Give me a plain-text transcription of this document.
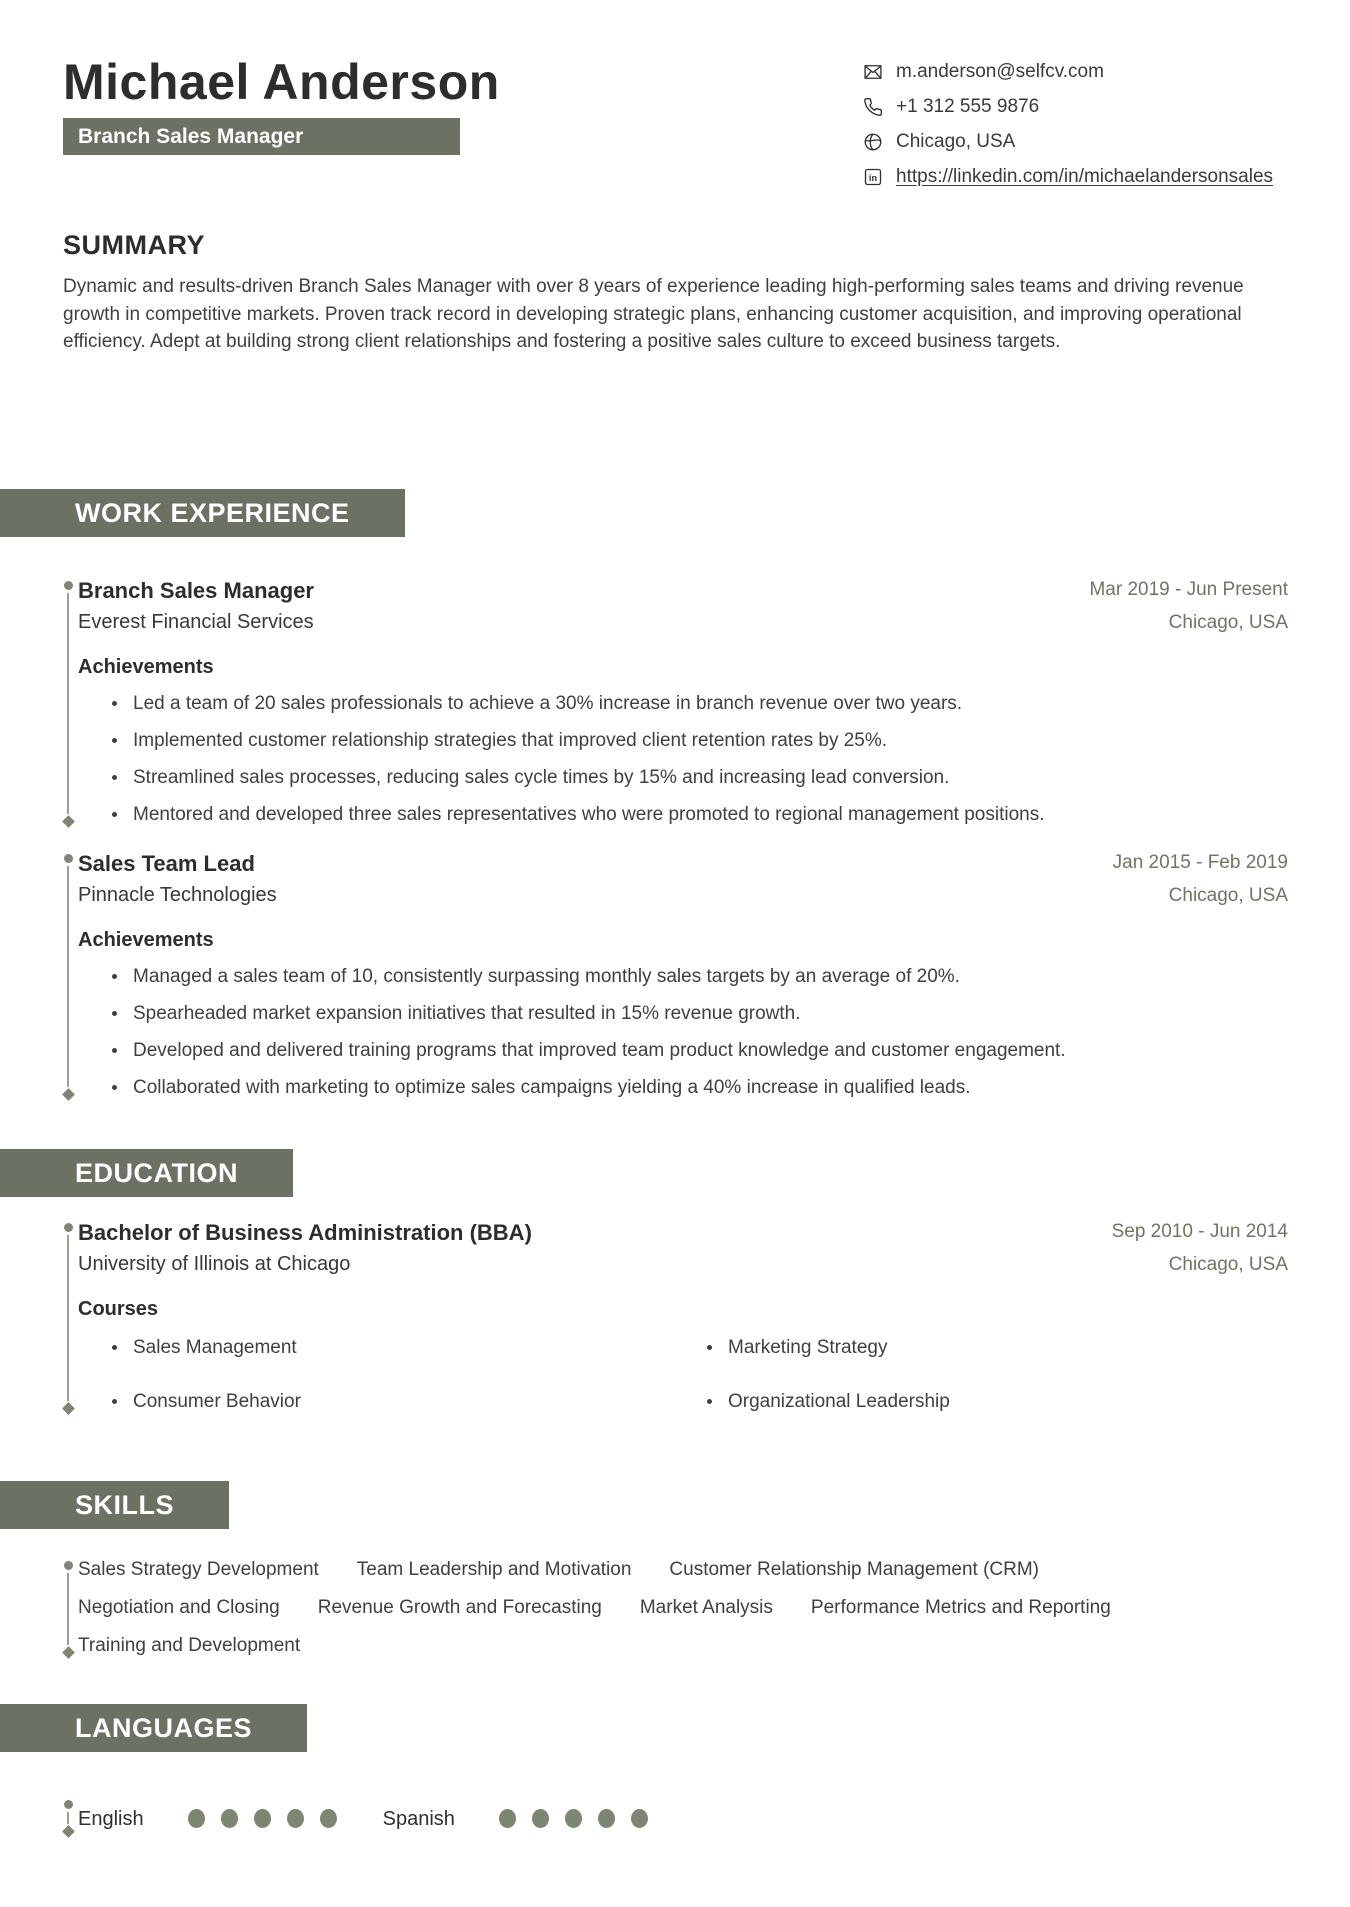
Michael Anderson
Branch Sales Manager
m.anderson@selfcv.com
+1 312 555 9876
Chicago, USA
in https://linkedin.com/in/michaelandersonsales
SUMMARY
Dynamic and results-driven Branch Sales Manager with over 8 years of experience leading high-performing sales teams and driving revenue growth in competitive markets. Proven track record in developing strategic plans, enhancing customer acquisition, and improving operational efficiency. Adept at building strong client relationships and fostering a positive sales culture to exceed business targets.
WORK EXPERIENCE
Branch Sales Manager	Mar 2019 - Jun Present
Everest Financial Services	Chicago, USA
Achievements
Led a team of 20 sales professionals to achieve a 30% increase in branch revenue over two years.
Implemented customer relationship strategies that improved client retention rates by 25%.
Streamlined sales processes, reducing sales cycle times by 15% and increasing lead conversion.
Mentored and developed three sales representatives who were promoted to regional management positions.
Sales Team Lead	Jan 2015 - Feb 2019
Pinnacle Technologies	Chicago, USA
Achievements
Managed a sales team of 10, consistently surpassing monthly sales targets by an average of 20%.
Spearheaded market expansion initiatives that resulted in 15% revenue growth.
Developed and delivered training programs that improved team product knowledge and customer engagement.
Collaborated with marketing to optimize sales campaigns yielding a 40% increase in qualified leads.
EDUCATION
Bachelor of Business Administration (BBA)	Sep 2010 - Jun 2014
University of Illinois at Chicago	Chicago, USA
Courses
Sales Management	Marketing Strategy
Consumer Behavior	Organizational Leadership
SKILLS
Sales Strategy Development Team Leadership and Motivation Customer Relationship Management (CRM)
Negotiation and Closing Revenue Growth and Forecasting Market Analysis Performance Metrics and Reporting
Training and Development
LANGUAGES
English	Spanish
